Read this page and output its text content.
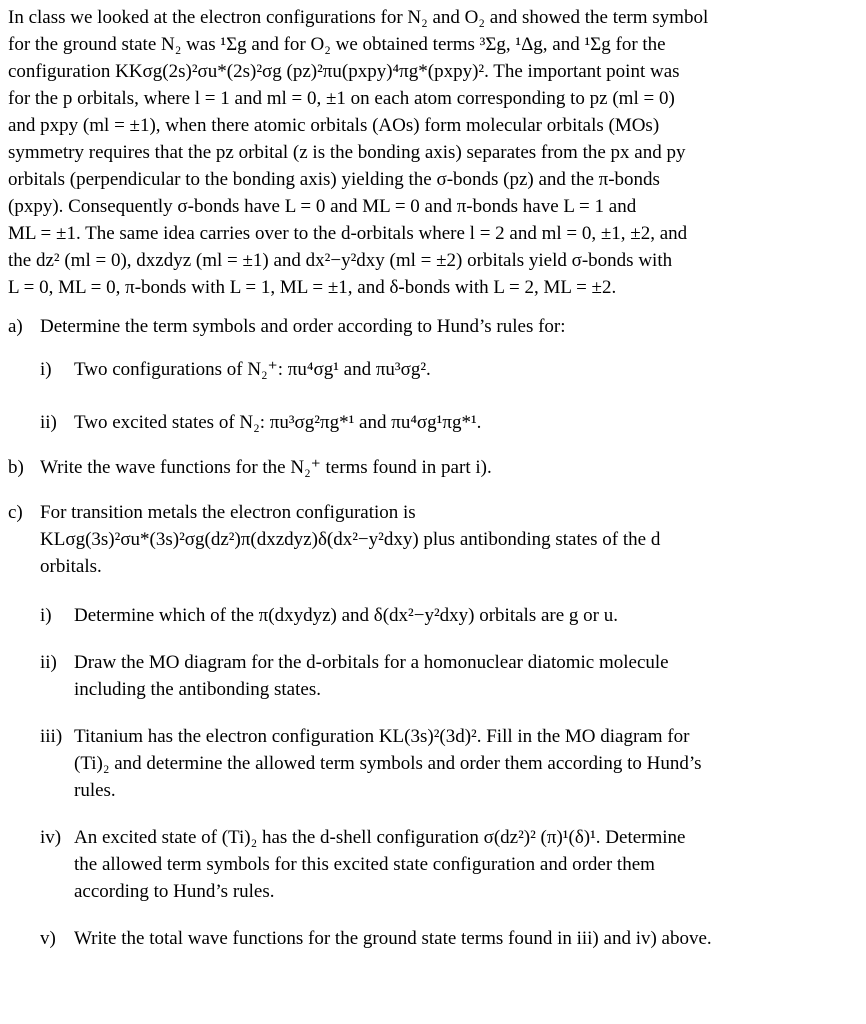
In class we looked at the electron configurations for N₂ and O₂ and showed the term symbol
for the ground state N₂ was ¹Σg and for O₂ we obtained terms ³Σg, ¹Δg, and ¹Σg for the
configuration KKσg(2s)²σu*(2s)²σg (pz)²πu(pxpy)⁴πg*(pxpy)². The important point was
for the p orbitals, where l = 1 and ml = 0, ±1 on each atom corresponding to pz (ml = 0)
and pxpy (ml = ±1), when there atomic orbitals (AOs) form molecular orbitals (MOs)
symmetry requires that the pz orbital (z is the bonding axis) separates from the px and py
orbitals (perpendicular to the bonding axis) yielding the σ-bonds (pz) and the π-bonds
(pxpy). Consequently σ-bonds have L = 0 and ML = 0 and π-bonds have L = 1 and
ML = ±1. The same idea carries over to the d-orbitals where l = 2 and ml = 0, ±1, ±2, and
the dz² (ml = 0), dxzdyz (ml = ±1) and dx²−y²dxy (ml = ±2) orbitals yield σ-bonds with
L = 0, ML = 0, π-bonds with L = 1, ML = ±1, and δ-bonds with L = 2, ML = ±2.
a) Determine the term symbols and order according to Hund’s rules for:
i)	Two configurations of N₂⁺: πu⁴σg¹ and πu³σg².
ii) Two excited states of N₂: πu³σg²πg*¹ and πu⁴σg¹πg*¹.
b) Write the wave functions for the N₂⁺ terms found in part i).
c) For transition metals the electron configuration is
KLσg(3s)²σu*(3s)²σg(dz²)π(dxzdyz)δ(dx²−y²dxy) plus antibonding states of the d
orbitals.
i)	Determine which of the π(dxydyz) and δ(dx²−y²dxy) orbitals are g or u.
ii) Draw the MO diagram for the d-orbitals for a homonuclear diatomic molecule
including the antibonding states.
iii) Titanium has the electron configuration KL(3s)²(3d)². Fill in the MO diagram for
(Ti)₂ and determine the allowed term symbols and order them according to Hund’s
rules.
iv) An excited state of (Ti)₂ has the d-shell configuration σ(dz²)² (π)¹(δ)¹. Determine
the allowed term symbols for this excited state configuration and order them
according to Hund’s rules.
v) Write the total wave functions for the ground state terms found in iii) and iv) above.
